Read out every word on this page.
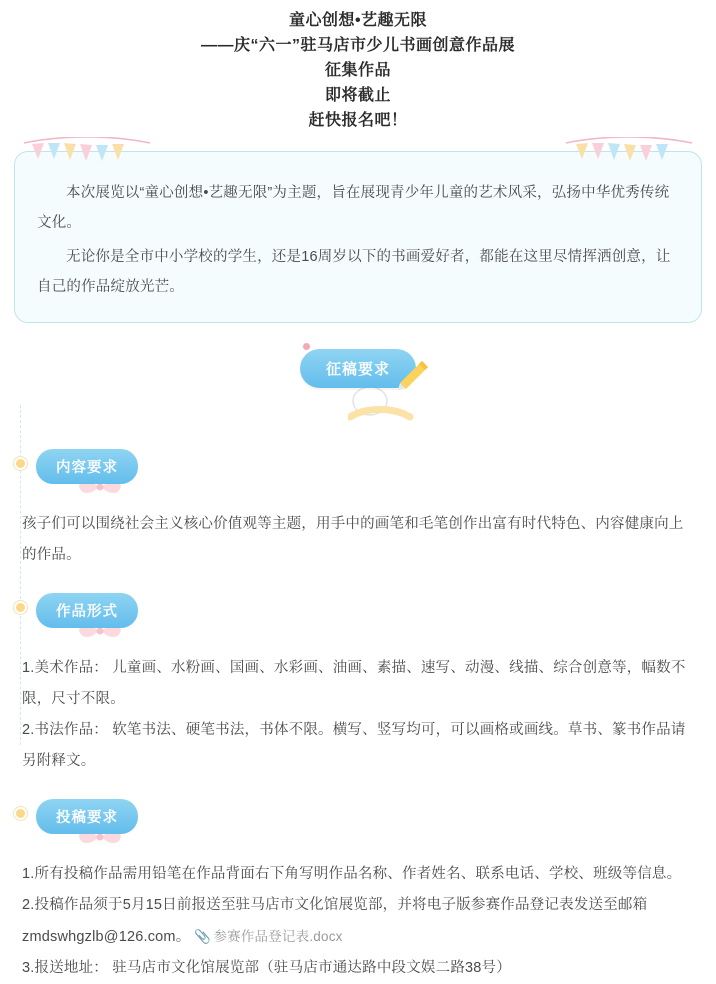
童心创想•艺趣无限
——庆“六一”驻马店市少儿书画创意作品展
征集作品
即将截止
赶快报名吧！

本次展览以“童心创想•艺趣无限”为主题，旨在展现青少年儿童的艺术风采，弘扬中华优秀传统文化。

无论你是全市中小学校的学生，还是16周岁以下的书画爱好者，都能在这里尽情挥洒创意，让自己的作品绽放光芒。

征稿要求
内容要求

孩子们可以围绕社会主义核心价值观等主题，用手中的画笔和毛笔创作出富有时代特色、内容健康向上的作品。

作品形式

1.美术作品： 儿童画、水粉画、国画、水彩画、油画、素描、速写、动漫、线描、综合创意等，幅数不限，尺寸不限。

2.书法作品： 软笔书法、硬笔书法，书体不限。横写、竖写均可，可以画格或画线。草书、篆书作品请另附释文。

投稿要求

1.所有投稿作品需用铅笔在作品背面右下角写明作品名称、作者姓名、联系电话、学校、班级等信息。

2.投稿作品须于5月15日前报送至驻马店市文化馆展览部，并将电子版参赛作品登记表发送至邮箱zmdswhgzlb@126.com。 📎 参赛作品登记表.docx

3.报送地址： 驻马店市文化馆展览部（驻马店市通达路中段文娱二路38号）
